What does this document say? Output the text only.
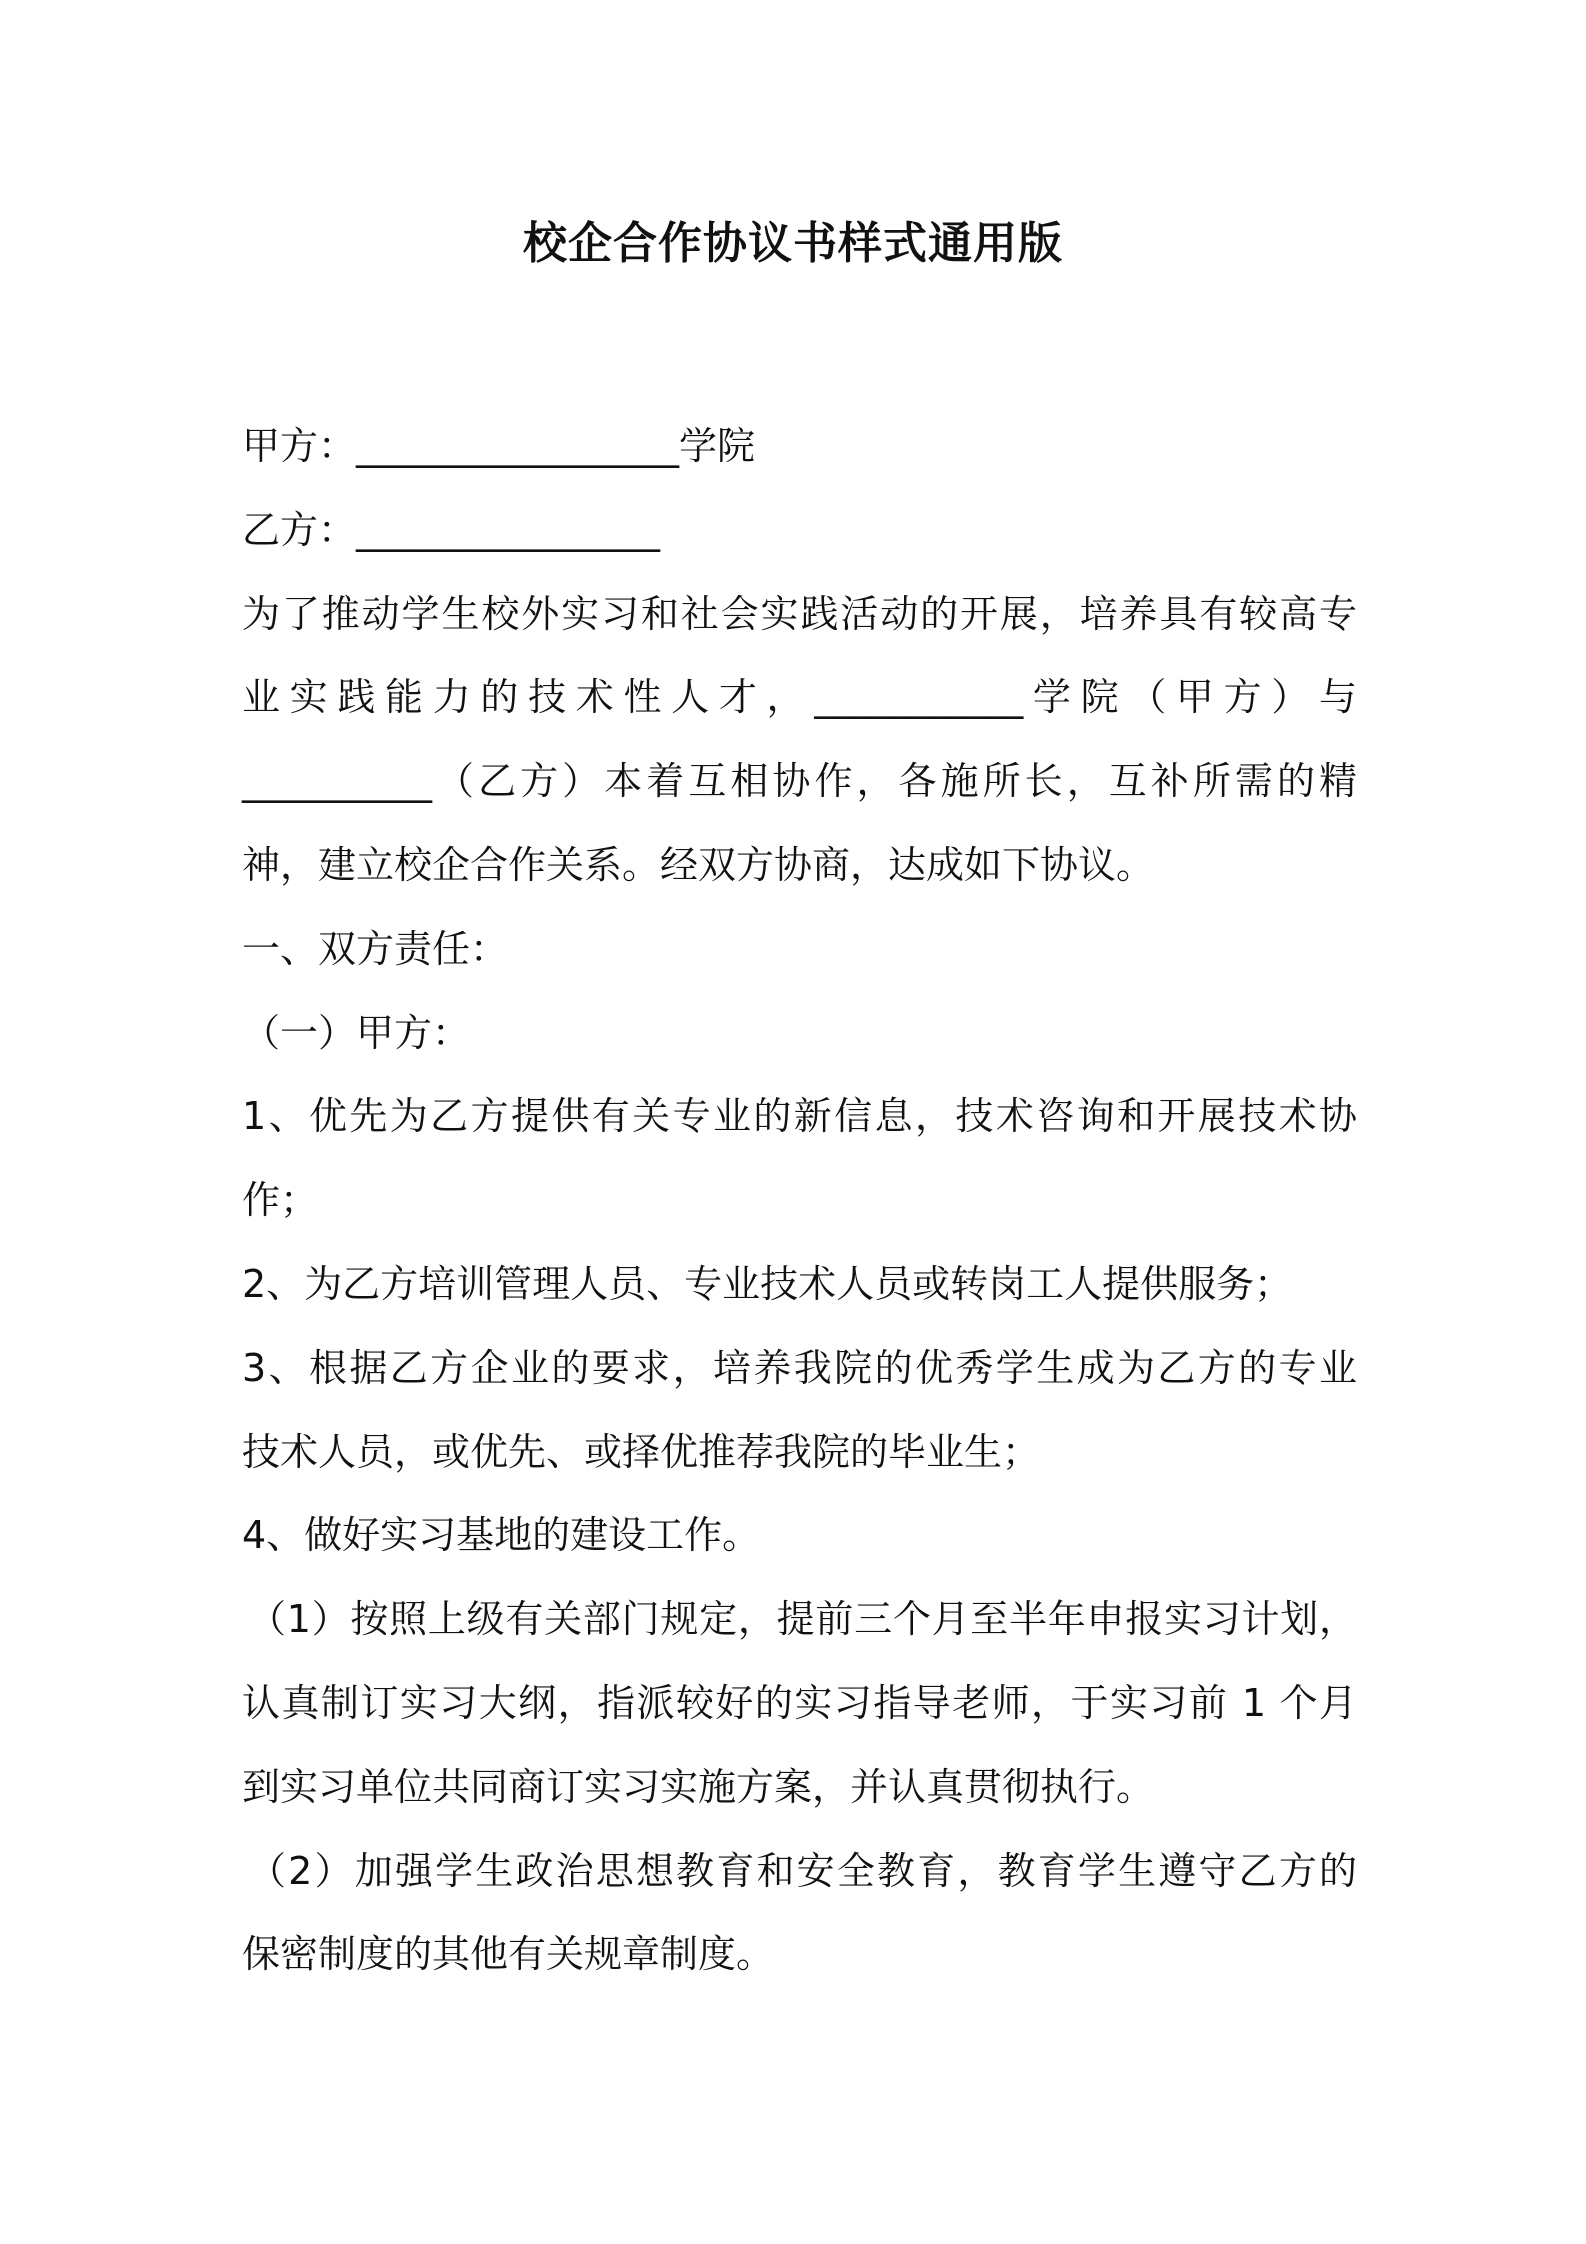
校企合作协议书样式通用版

甲方：_________________学院

乙方：________________

为了推动学生校外实习和社会实践活动的开展，培养具有较高专

业实践能力的技术性人才，___________学院（甲方）与

__________（乙方）本着互相协作，各施所长，互补所需的精

神，建立校企合作关系。经双方协商，达成如下协议。

一、双方责任：

（一）甲方：

1、优先为乙方提供有关专业的新信息，技术咨询和开展技术协

作；

2、为乙方培训管理人员、专业技术人员或转岗工人提供服务；

3、根据乙方企业的要求，培养我院的优秀学生成为乙方的专业

技术人员，或优先、或择优推荐我院的毕业生；

4、做好实习基地的建设工作。

（1）按照上级有关部门规定，提前三个月至半年申报实习计划，

认真制订实习大纲，指派较好的实习指导老师，于实习前 1 个月

到实习单位共同商订实习实施方案，并认真贯彻执行。

（2）加强学生政治思想教育和安全教育，教育学生遵守乙方的

保密制度的其他有关规章制度。
